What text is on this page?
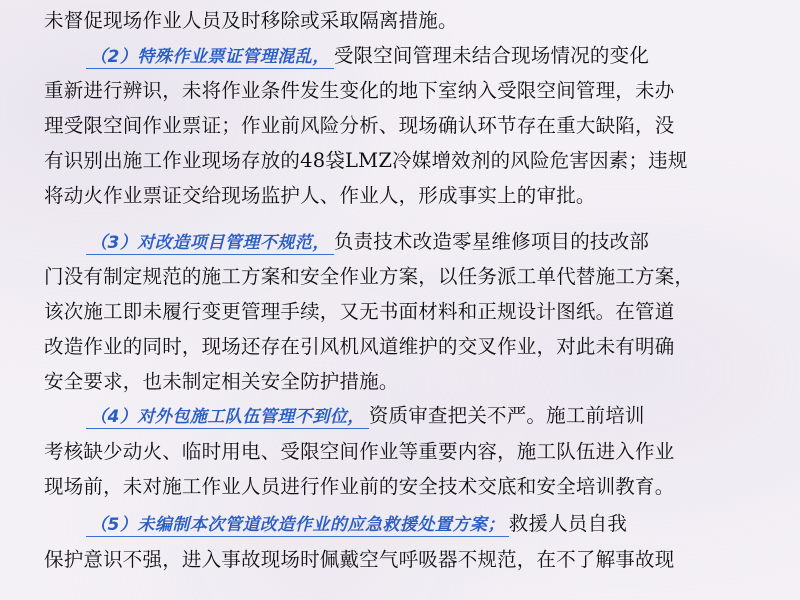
未督促现场作业人员及时移除或采取隔离措施。
（2）特殊作业票证管理混乱， 受限空间管理未结合现场情况的变化
重新进行辨识，未将作业条件发生变化的地下室纳入受限空间管理，未办
理受限空间作业票证；作业前风险分析、现场确认环节存在重大缺陷，没
有识别出施工作业现场存放的48袋LMZ冷媒增效剂的风险危害因素；违规
将动火作业票证交给现场监护人、作业人，形成事实上的审批。
（3）对改造项目管理不规范， 负责技术改造零星维修项目的技改部
门没有制定规范的施工方案和安全作业方案，以任务派工单代替施工方案，
该次施工即未履行变更管理手续，又无书面材料和正规设计图纸。在管道
改造作业的同时，现场还存在引风机风道维护的交叉作业，对此未有明确
安全要求，也未制定相关安全防护措施。
（4）对外包施工队伍管理不到位， 资质审查把关不严。施工前培训
考核缺少动火、临时用电、受限空间作业等重要内容，施工队伍进入作业
现场前，未对施工作业人员进行作业前的安全技术交底和安全培训教育。
（5）未编制本次管道改造作业的应急救援处置方案； 救援人员自我
保护意识不强，进入事故现场时佩戴空气呼吸器不规范，在不了解事故现
